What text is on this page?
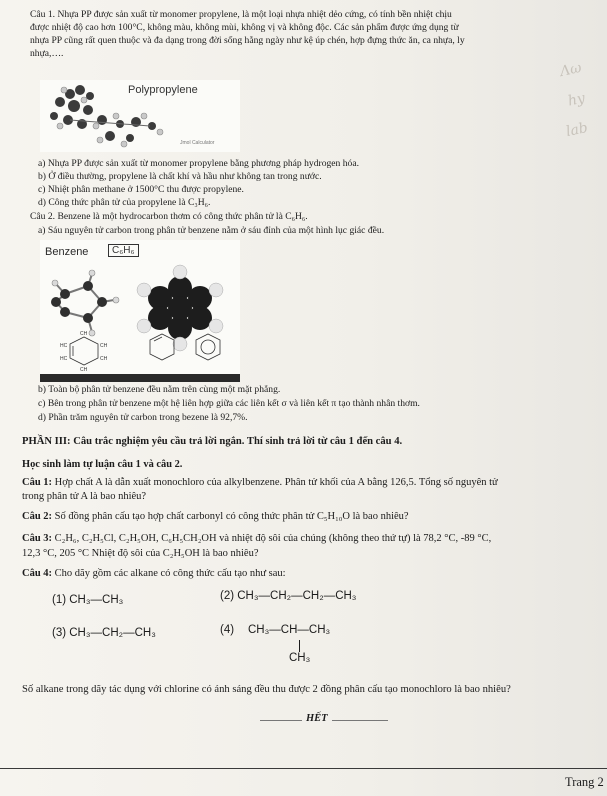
Λω
hy
lab
Câu 1. Nhựa PP được sản xuất từ monomer propylene, là một loại nhựa nhiệt dẻo cứng, có tính bền nhiệt chịu
được nhiệt độ cao hơn 100°C, không màu, không mùi, không vị và không độc. Các sản phẩm được ứng dụng từ
nhựa PP cũng rất quen thuộc và đa dạng trong đời sống hằng ngày như kệ úp chén, hợp đựng thức ăn, ca nhựa, ly
nhựa,….
Polypropylene
Jmol Calculator
a) Nhựa PP được sản xuất từ monomer propylene bằng phương pháp hydrogen hóa.
b) Ở điều thường, propylene là chất khí và hầu như không tan trong nước.
c) Nhiệt phân methane ở 1500°C thu được propylene.
d) Công thức phân tử của propylene là C₃H₆.
Câu 2. Benzene là một hydrocarbon thơm có công thức phân tử là C₆H₆.
a) Sáu nguyên tử carbon trong phân tử benzene nằm ở sáu đỉnh của một hình lục giác đều.
Benzene	C₆H₆
HC	CH
HC	CH
CH
CH
b) Toàn bộ phân tử benzene đều nằm trên cùng một mặt phẳng.
c) Bên trong phân tử benzene một hệ liên hợp giữa các liên kết σ và liên kết π tạo thành nhân thơm.
d) Phần trăm nguyên tử carbon trong bezene là 92,7%.
PHẦN III: Câu trắc nghiệm yêu cầu trả lời ngắn. Thí sinh trả lời từ câu 1 đến câu 4.
Học sinh làm tự luận câu 1 và câu 2.
Câu 1: Hợp chất A là dẫn xuất monochloro của alkylbenzene. Phân tử khối của A bằng 126,5. Tổng số nguyên tử
trong phân tử A là bao nhiêu?
Câu 2: Số đồng phân cấu tạo hợp chất carbonyl có công thức phân tử C₅H₁₀O là bao nhiêu?
Câu 3: C₂H₆, C₂H₅Cl, C₂H₅OH, C₆H₅CH₂OH và nhiệt độ sôi của chúng (không theo thứ tự) là 78,2 °C, -89 °C,
12,3 °C, 205 °C Nhiệt độ sôi của C₂H₅OH là bao nhiêu?
Câu 4: Cho dãy gồm các alkane có công thức cấu tạo như sau:
(1) CH₃—CH₃	(2) CH₃—CH₂—CH₂—CH₃
(3) CH₃—CH₂—CH₃	(4) CH₃—CH—CH₃
CH₃
Số alkane trong dãy tác dụng với chlorine có ánh sáng đều thu được 2 đồng phân cấu tạo monochloro là bao nhiêu?
HẾT
Trang 2
